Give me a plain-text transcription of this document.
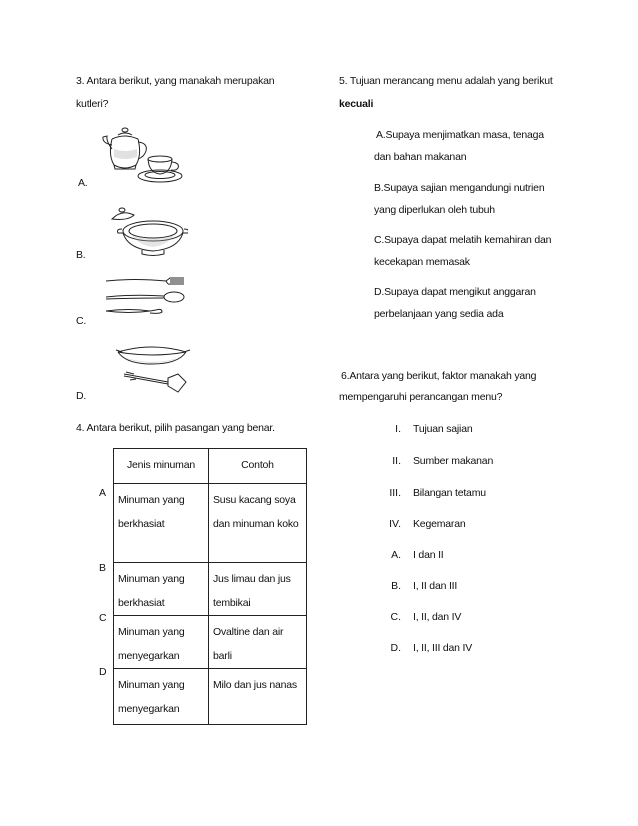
3. Antara berikut, yang manakah merupakan
kutleri?
A.
B.
C.
D.
4. Antara berikut, pilih pasangan yang benar.
Jenis minuman	Contoh
Minuman yang berkhasiat	Susu kacang soya dan minuman koko
Minuman yang berkhasiat	Jus limau dan jus tembikai
Minuman yang menyegarkan	Ovaltine dan air barli
Minuman yang menyegarkan	Milo dan jus nanas
A
B
C
D
5. Tujuan merancang menu adalah yang berikut
kecuali
A.Supaya menjimatkan masa, tenaga
dan bahan makanan
B.Supaya sajian mengandungi nutrien
yang diperlukan oleh tubuh
C.Supaya dapat melatih kemahiran dan
kecekapan memasak
D.Supaya dapat mengikut anggaran
perbelanjaan yang sedia ada
6.Antara yang berikut, faktor manakah yang
mempengaruhi perancangan menu?
I. Tujuan sajian
II. Sumber makanan
III. Bilangan tetamu
IV. Kegemaran
A. I dan II
B. I, II dan III
C. I, II, dan IV
D. I, II, III dan IV
